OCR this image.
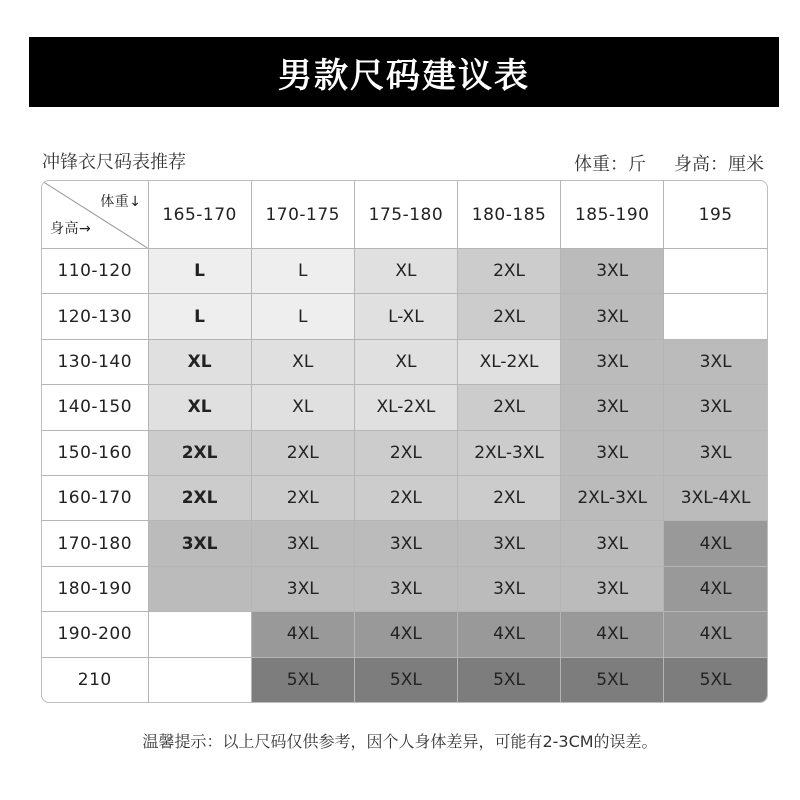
男款尺码建议表
冲锋衣尺码表推荐	体重：斤 身高：厘米
体重↓
身高→	165-170	170-175	175-180	180-185	185-190	195
110-120	L	L	XL	2XL	3XL	
120-130	L	L	L-XL	2XL	3XL	
130-140	XL	XL	XL	XL-2XL	3XL	3XL
140-150	XL	XL	XL-2XL	2XL	3XL	3XL
150-160	2XL	2XL	2XL	2XL-3XL	3XL	3XL
160-170	2XL	2XL	2XL	2XL	2XL-3XL	3XL-4XL
170-180	3XL	3XL	3XL	3XL	3XL	4XL
180-190		3XL	3XL	3XL	3XL	4XL
190-200		4XL	4XL	4XL	4XL	4XL
210		5XL	5XL	5XL	5XL	5XL
温馨提示：以上尺码仅供参考，因个人身体差异，可能有2-3CM的误差。
